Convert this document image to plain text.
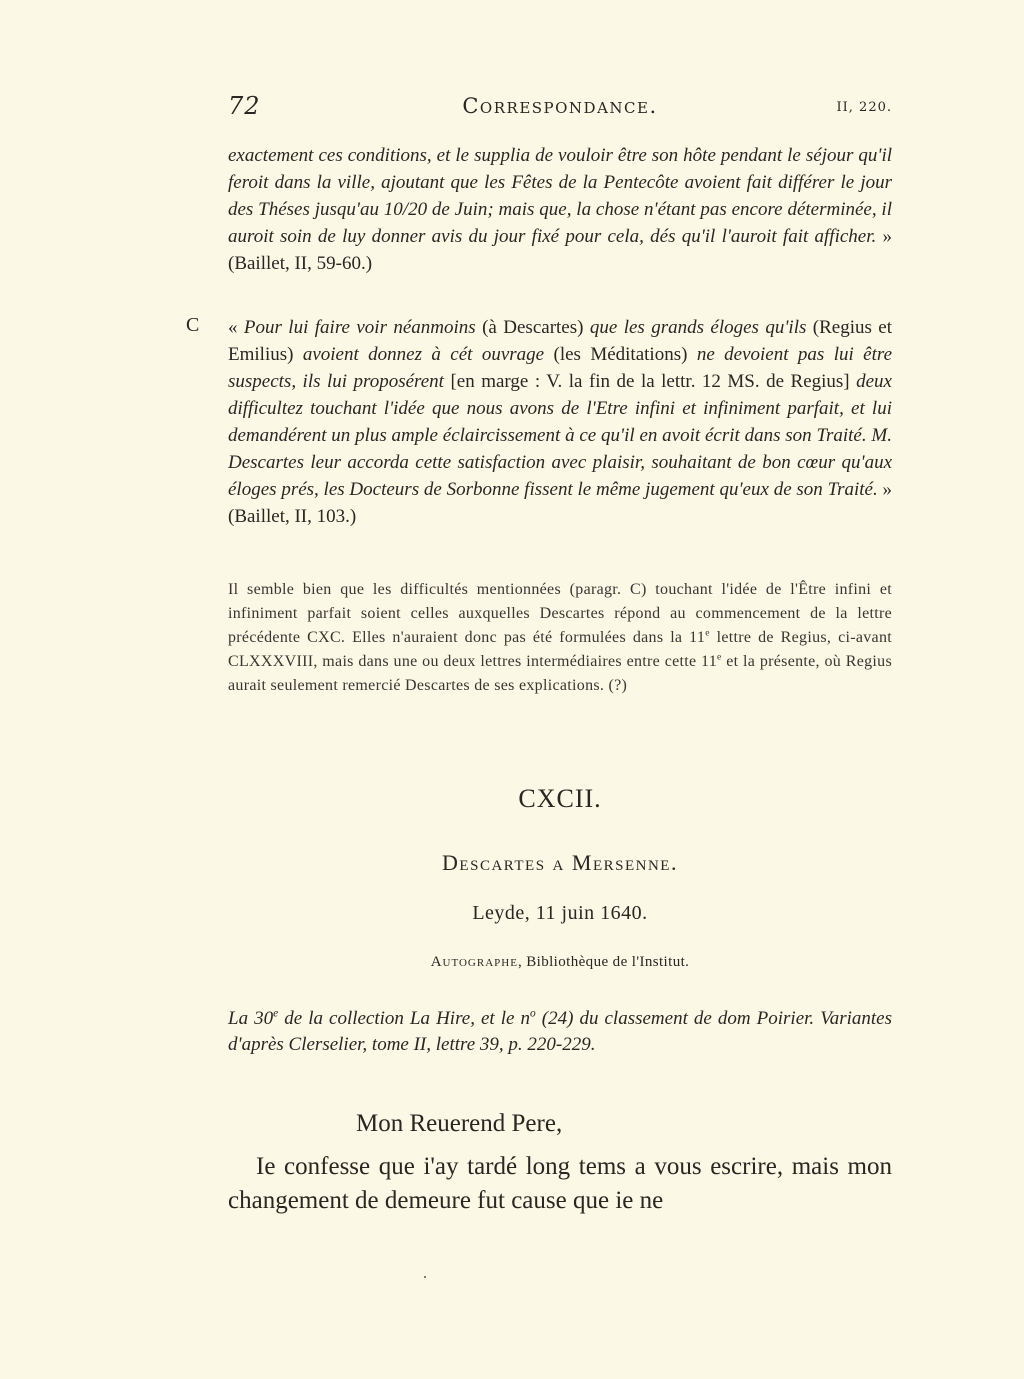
72	Correspondance.	II, 220.
exactement ces conditions, et le supplia de vouloir être son hôte pendant le séjour qu'il feroit dans la ville, ajoutant que les Fêtes de la Pentecôte avoient fait différer le jour des Théses jusqu'au 10/20 de Juin; mais que, la chose n'étant pas encore déterminée, il auroit soin de luy donner avis du jour fixé pour cela, dés qu'il l'auroit fait afficher. » (Baillet, II, 59-60.)
C « Pour lui faire voir néanmoins (à Descartes) que les grands éloges qu'ils (Regius et Emilius) avoient donnez à cét ouvrage (les Méditations) ne devoient pas lui être suspects, ils lui proposérent [en marge : V. la fin de la lettr. 12 MS. de Regius] deux difficultez touchant l'idée que nous avons de l'Etre infini et infiniment parfait, et lui demandérent un plus ample éclaircissement à ce qu'il en avoit écrit dans son Traité. M. Descartes leur accorda cette satisfaction avec plaisir, souhaitant de bon cœur qu'aux éloges prés, les Docteurs de Sorbonne fissent le même jugement qu'eux de son Traité. » (Baillet, II, 103.)
Il semble bien que les difficultés mentionnées (paragr. C) touchant l'idée de l'Être infini et infiniment parfait soient celles auxquelles Descartes répond au commencement de la lettre précédente CXC. Elles n'auraient donc pas été formulées dans la 11e lettre de Regius, ci-avant CLXXXVIII, mais dans une ou deux lettres intermédiaires entre cette 11e et la présente, où Regius aurait seulement remercié Descartes de ses explications. (?)
CXCII.
Descartes a Mersenne.
Leyde, 11 juin 1640.
Autographe, Bibliothèque de l'Institut.
La 30e de la collection La Hire, et le $n^o$ (24) du classement de dom Poirier. Variantes d'après Clerselier, tome II, lettre 39, p. 220-229.
Mon Reuerend Pere,
Ie confesse que i'ay tardé long tems a vous escrire, mais mon changement de demeure fut cause que ie ne
